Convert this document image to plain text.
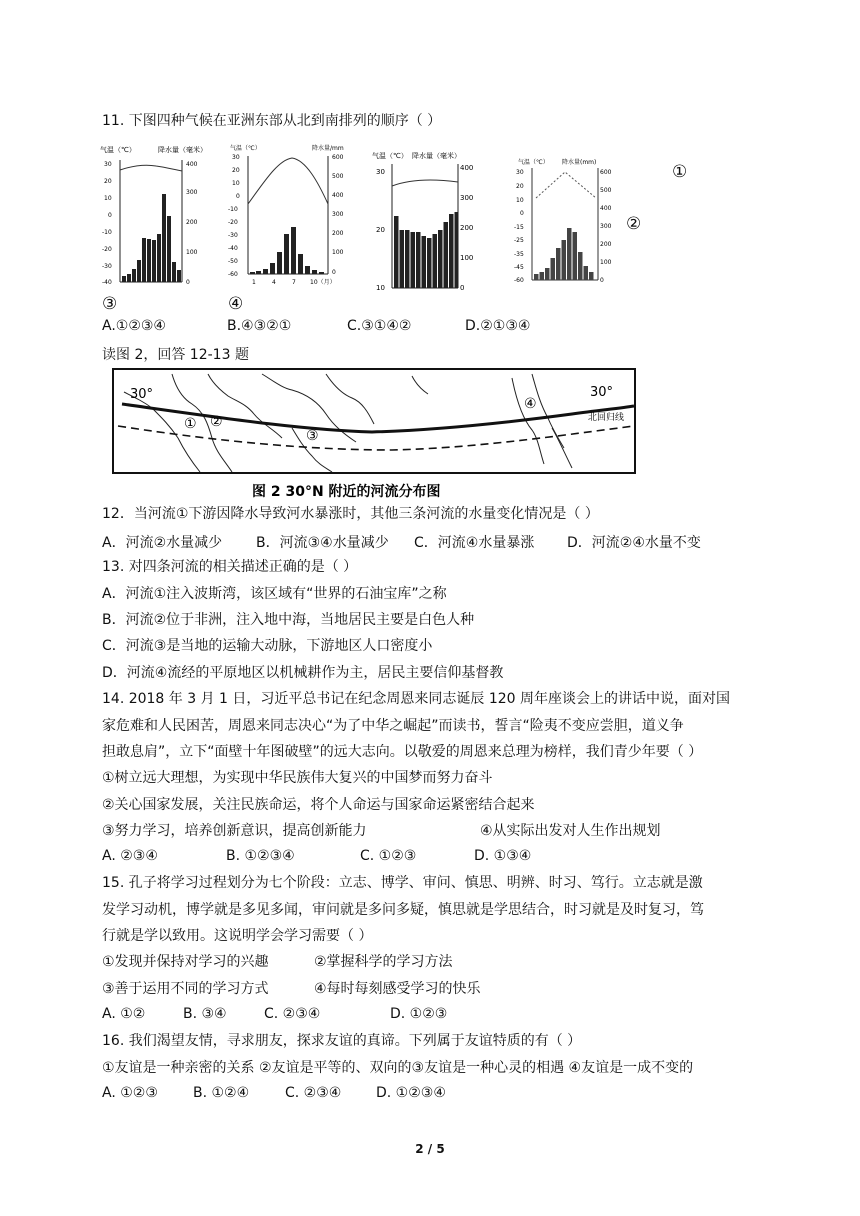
11. 下图四种气候在亚洲东部从北到南排列的顺序（ ）
气温（℃）	降水量（毫米）
30
20
10
0
-10
-20
-30
-40
400
300
200
100
0
气温（℃）	降水量/mm
30
20
10
0
-10
-20
-30
-40
-50
-60
600
500
400
300
200
100
0
1	4	7 10（月）
气温（℃） 降水量（毫米）
30
20
10
400
300
200
100
0
气温（℃） 降水量(mm)
30
20
10
0
-15
-25
-35
-45
-60
600
500
400
300
200
100
0
①
②
③	④
A.①②③④	B.④③②①	C.③①④②	D.②①③④
读图 2，回答 12-13 题
30°	30°
北回归线
① ②
③
④
图 2 30°N 附近的河流分布图
12．当河流①下游因降水导致河水暴涨时，其他三条河流的水量变化情况是（ ）
A．河流②水量减少 B．河流③④水量减少 C．河流④水量暴涨 D．河流②④水量不变
13. 对四条河流的相关描述正确的是（ ）
A．河流①注入波斯湾，该区域有“世界的石油宝库”之称
B．河流②位于非洲，注入地中海，当地居民主要是白色人种
C．河流③是当地的运输大动脉，下游地区人口密度小
D．河流④流经的平原地区以机械耕作为主，居民主要信仰基督教
14. 2018 年 3 月 1 日，习近平总书记在纪念周恩来同志诞辰 120 周年座谈会上的讲话中说，面对国
家危难和人民困苦，周恩来同志决心“为了中华之崛起”而读书，誓言“险夷不变应尝胆，道义争
担敢息肩”，立下“面壁十年图破壁”的远大志向。以敬爱的周恩来总理为榜样，我们青少年要（ ）
①树立远大理想，为实现中华民族伟大复兴的中国梦而努力奋斗
②关心国家发展，关注民族命运，将个人命运与国家命运紧密结合起来
③努力学习，培养创新意识，提高创新能力	④从实际出发对人生作出规划
A. ②③④	B. ①②③④	C. ①②③	D. ①③④
15. 孔子将学习过程划分为七个阶段：立志、博学、审问、慎思、明辨、时习、笃行。立志就是激
发学习动机，博学就是多见多闻，审问就是多问多疑，慎思就是学思结合，时习就是及时复习，笃
行就是学以致用。这说明学会学习需要（ ）
①发现并保持对学习的兴趣	②掌握科学的学习方法
③善于运用不同的学习方式	④每时每刻感受学习的快乐
A. ①②	B. ③④	C. ②③④	D. ①②③
16. 我们渴望友情，寻求朋友，探求友谊的真谛。下列属于友谊特质的有（ ）
①友谊是一种亲密的关系 ②友谊是平等的、双向的③友谊是一种心灵的相遇 ④友谊是一成不变的
A. ①②③	B. ①②④	C. ②③④ D. ①②③④
2 / 5
